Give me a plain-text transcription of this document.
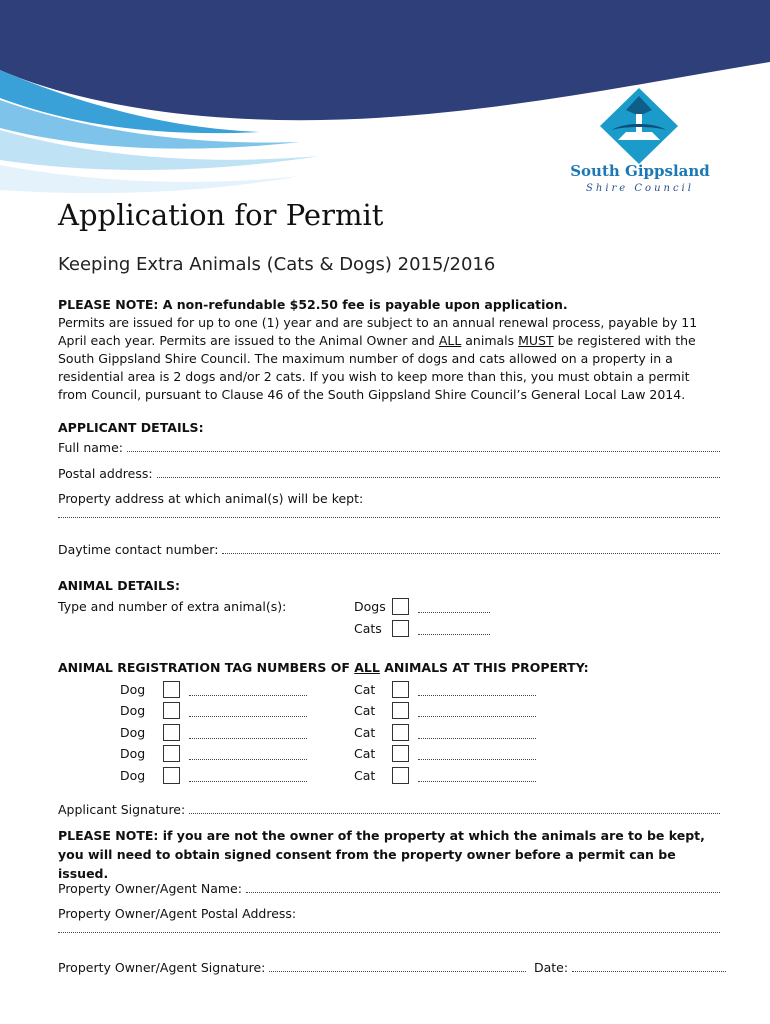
South Gippsland
Shire Council
Application for Permit
Keeping Extra Animals (Cats & Dogs) 2015/2016

PLEASE NOTE: A non-refundable $52.50 fee is payable upon application.

Permits are issued for up to one (1) year and are subject to an annual renewal process, payable by 11 April each year. Permits are issued to the Animal Owner and ALL animals MUST be registered with the South Gippsland Shire Council. The maximum number of dogs and cats allowed on a property in a residential area is 2 dogs and/or 2 cats. If you wish to keep more than this, you must obtain a permit from Council, pursuant to Clause 46 of the South Gippsland Shire Council’s General Local Law 2014.

APPLICANT DETAILS:
Full name:
Postal address:
Property address at which animal(s) will be kept:
Daytime contact number:
ANIMAL DETAILS:
Type and number of extra animal(s):	Dogs
Cats
ANIMAL REGISTRATION TAG NUMBERS OF ALL ANIMALS AT THIS PROPERTY:
Dog	Cat
Dog	Cat
Dog	Cat
Dog	Cat
Dog	Cat
Applicant Signature:

PLEASE NOTE: if you are not the owner of the property at which the animals are to be kept, you will need to obtain signed consent from the property owner before a permit can be issued.

Property Owner/Agent Name:
Property Owner/Agent Postal Address:
Property Owner/Agent Signature:	Date:
